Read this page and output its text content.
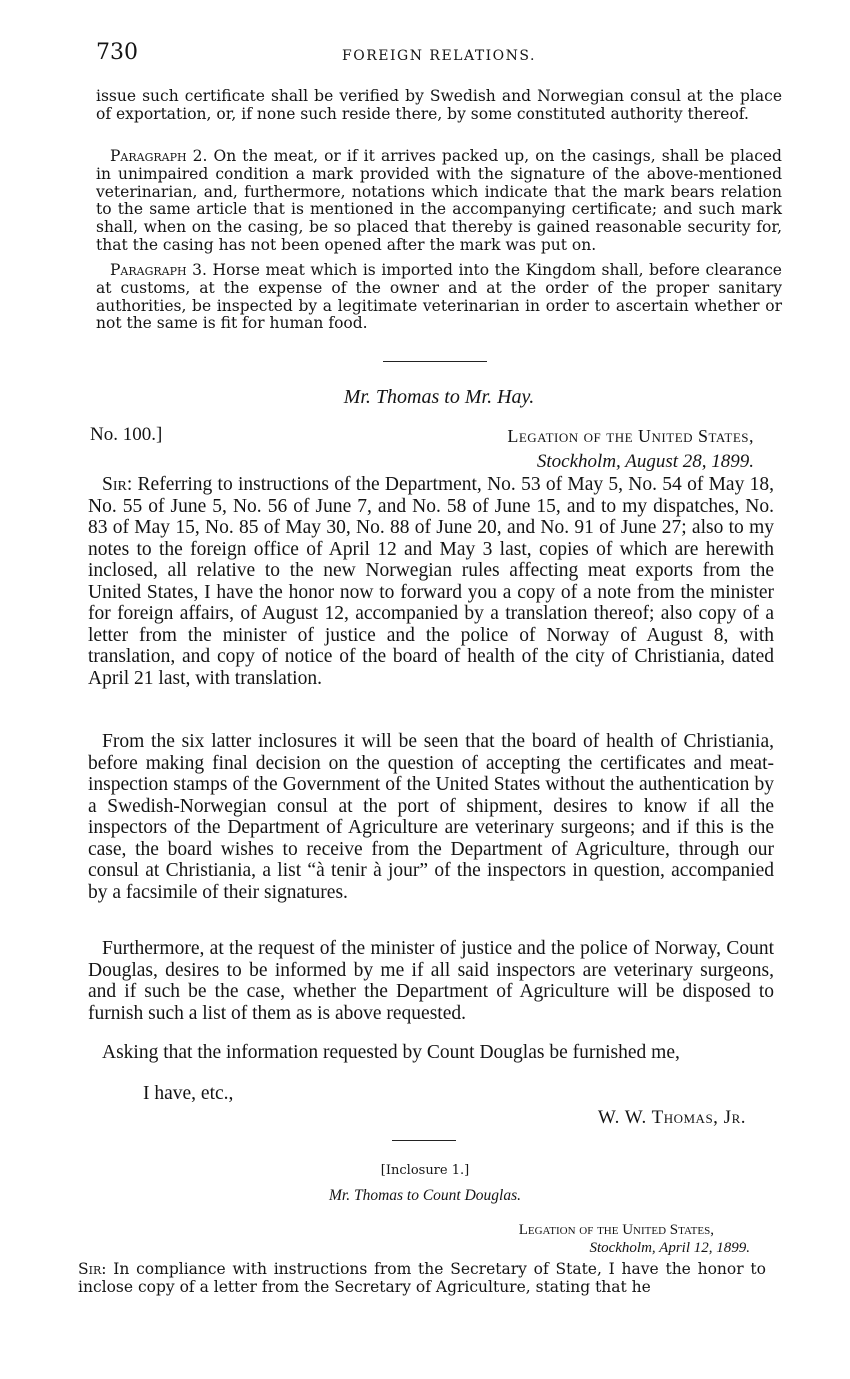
730	FOREIGN RELATIONS.

issue such certificate shall be verified by Swedish and Norwegian consul at the place of exportation, or, if none such reside there, by some constituted authority thereof.

Paragraph 2. On the meat, or if it arrives packed up, on the casings, shall be placed in unimpaired condition a mark provided with the signature of the above-mentioned veterinarian, and, furthermore, notations which indicate that the mark bears relation to the same article that is mentioned in the accompanying certificate; and such mark shall, when on the casing, be so placed that thereby is gained reasonable security for, that the casing has not been opened after the mark was put on.

Paragraph 3. Horse meat which is imported into the Kingdom shall, before clearance at customs, at the expense of the owner and at the order of the proper sanitary authorities, be inspected by a legitimate veterinarian in order to ascertain whether or not the same is fit for human food.

Mr. Thomas to Mr. Hay.
No. 100.]	Legation of the United States,
Stockholm, August 28, 1899.

Sir: Referring to instructions of the Department, No. 53 of May 5, No. 54 of May 18, No. 55 of June 5, No. 56 of June 7, and No. 58 of June 15, and to my dispatches, No. 83 of May 15, No. 85 of May 30, No. 88 of June 20, and No. 91 of June 27; also to my notes to the foreign office of April 12 and May 3 last, copies of which are herewith inclosed, all relative to the new Norwegian rules affecting meat exports from the United States, I have the honor now to forward you a copy of a note from the minister for foreign affairs, of August 12, accompanied by a translation thereof; also copy of a letter from the minister of justice and the police of Norway of August 8, with translation, and copy of notice of the board of health of the city of Christiania, dated April 21 last, with translation.

From the six latter inclosures it will be seen that the board of health of Christiania, before making final decision on the question of accepting the certificates and meat-inspection stamps of the Government of the United States without the authentication by a Swedish-Norwegian consul at the port of shipment, desires to know if all the inspectors of the Department of Agriculture are veterinary surgeons; and if this is the case, the board wishes to receive from the Department of Agriculture, through our consul at Christiania, a list “à tenir à jour” of the inspectors in question, accompanied by a facsimile of their signatures.

Furthermore, at the request of the minister of justice and the police of Norway, Count Douglas, desires to be informed by me if all said inspectors are veterinary surgeons, and if such be the case, whether the Department of Agriculture will be disposed to furnish such a list of them as is above requested.

Asking that the information requested by Count Douglas be furnished me,

I have, etc.,
W. W. Thomas, Jr.
[Inclosure 1.]
Mr. Thomas to Count Douglas.
Legation of the United States,
Stockholm, April 12, 1899.

Sir: In compliance with instructions from the Secretary of State, I have the honor to inclose copy of a letter from the Secretary of Agriculture, stating that he
